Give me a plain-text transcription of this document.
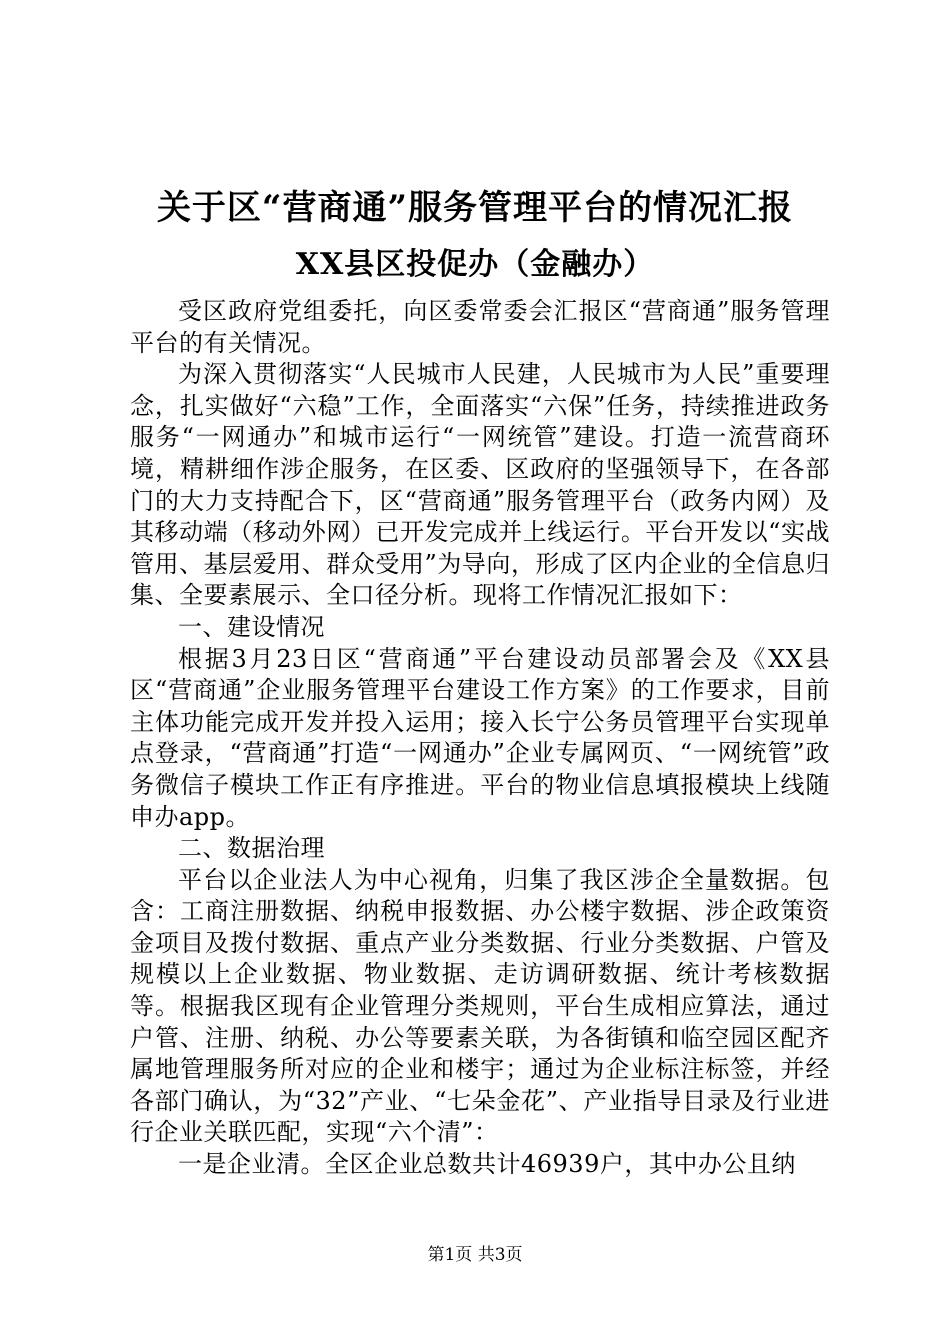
关于区“营商通”服务管理平台的情况汇报
XX县区投促办（金融办）

受区政府党组委托，向区委常委会汇报区“营商通”服务管理平台的有关情况。

为深入贯彻落实“人民城市人民建，人民城市为人民”重要理念，扎实做好“六稳”工作，全面落实“六保”任务，持续推进政务服务“一网通办”和城市运行“一网统管”建设。打造一流营商环境，精耕细作涉企服务，在区委、区政府的坚强领导下，在各部门的大力支持配合下，区“营商通”服务管理平台（政务内网）及其移动端（移动外网）已开发完成并上线运行。平台开发以“实战管用、基层爱用、群众受用”为导向，形成了区内企业的全信息归集、全要素展示、全口径分析。现将工作情况汇报如下：

一、建设情况

根据3月23日区“营商通”平台建设动员部署会及《XX县区“营商通”企业服务管理平台建设工作方案》的工作要求，目前主体功能完成开发并投入运用；接入长宁公务员管理平台实现单点登录，“营商通”打造“一网通办”企业专属网页、“一网统管”政务微信子模块工作正有序推进。平台的物业信息填报模块上线随申办app。

二、数据治理

平台以企业法人为中心视角，归集了我区涉企全量数据。包含：工商注册数据、纳税申报数据、办公楼宇数据、涉企政策资金项目及拨付数据、重点产业分类数据、行业分类数据、户管及规模以上企业数据、物业数据、走访调研数据、统计考核数据等。根据我区现有企业管理分类规则，平台生成相应算法，通过户管、注册、纳税、办公等要素关联，为各街镇和临空园区配齐属地管理服务所对应的企业和楼宇；通过为企业标注标签，并经各部门确认，为“32”产业、“七朵金花”、产业指导目录及行业进行企业关联匹配，实现“六个清”：

一是企业清。全区企业总数共计46939户，其中办公且纳

第1页 共3页
